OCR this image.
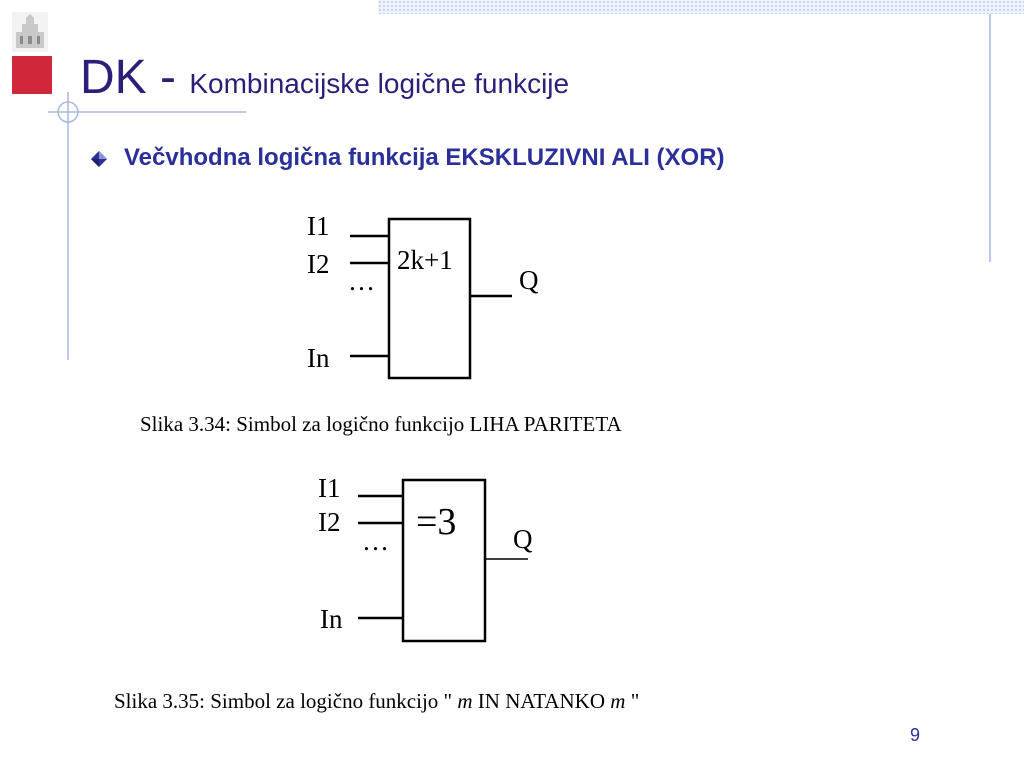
DK - Kombinacijske logične funkcije
Večvhodna logična funkcija EKSKLUZIVNI ALI (XOR)
I1
I2
…
In
2k+1
Q
Slika 3.34: Simbol za logično funkcijo LIHA PARITETA
I1
I2
…
In
=3 Q
Slika 3.35: Simbol za logično funkcijo " m IN NATANKO m "
9
